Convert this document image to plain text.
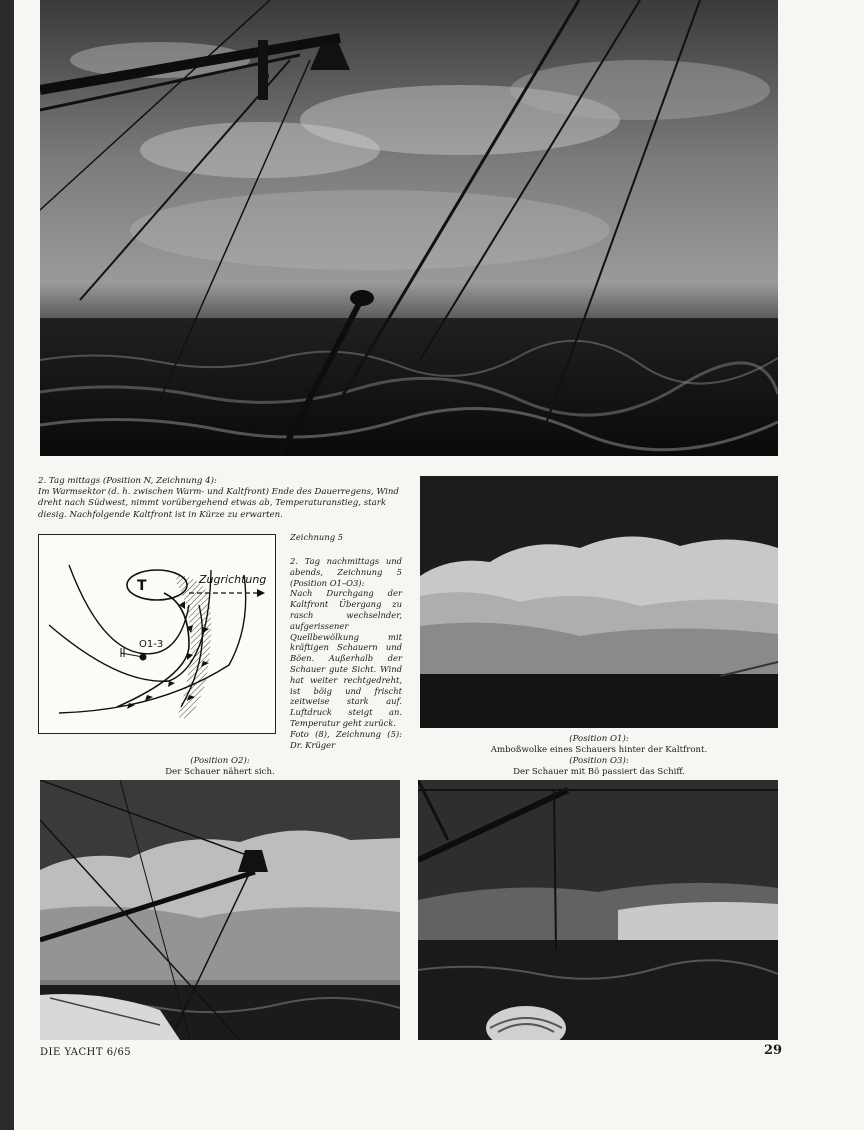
2. Tag mittags (Position N, Zeichnung 4):
Im Warmsektor (d. h. zwischen Warm- und Kaltfront) Ende des Dauerregens, Wind dreht nach Südwest, nimmt vorübergehend etwas ab, Temperaturanstieg, stark diesig. Nachfolgende Kaltfront ist in Kürze zu erwarten.
T	Zugrichtung
O1-3
Zeichnung 5

2. Tag nachmittags und abends, Zeichnung 5 (Position O1–O3):

Nach Durchgang der Kaltfront Übergang zu rasch wechselnder, aufgerissener Quellbewölkung mit kräftigen Schauern und Böen. Außerhalb der Schauer gute Sicht. Wind hat weiter rechtgedreht, ist böig und frischt zeitweise stark auf. Luftdruck steigt an. Temperatur geht zurück.

Foto (8), Zeichnung (5): Dr. Krüger

(Position O1):
Amboßwolke eines Schauers hinter der Kaltfront.
(Position O2):
Der Schauer nähert sich.
(Position O3):
Der Schauer mit Bö passiert das Schiff.
DIE YACHT 6/65	29
